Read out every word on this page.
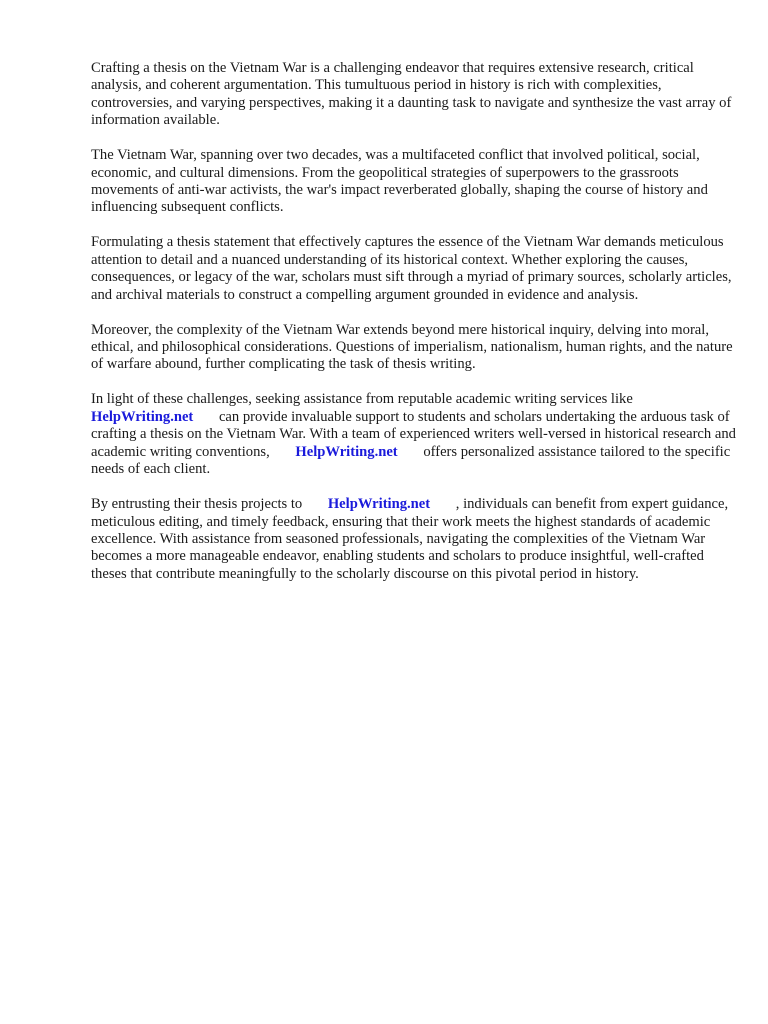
Crafting a thesis on the Vietnam War is a challenging endeavor that requires extensive research, critical analysis, and coherent argumentation. This tumultuous period in history is rich with complexities, controversies, and varying perspectives, making it a daunting task to navigate and synthesize the vast array of information available.

The Vietnam War, spanning over two decades, was a multifaceted conflict that involved political, social, economic, and cultural dimensions. From the geopolitical strategies of superpowers to the grassroots movements of anti-war activists, the war's impact reverberated globally, shaping the course of history and influencing subsequent conflicts.

Formulating a thesis statement that effectively captures the essence of the Vietnam War demands meticulous attention to detail and a nuanced understanding of its historical context. Whether exploring the causes, consequences, or legacy of the war, scholars must sift through a myriad of primary sources, scholarly articles, and archival materials to construct a compelling argument grounded in evidence and analysis.

Moreover, the complexity of the Vietnam War extends beyond mere historical inquiry, delving into moral, ethical, and philosophical considerations. Questions of imperialism, nationalism, human rights, and the nature of warfare abound, further complicating the task of thesis writing.

In light of these challenges, seeking assistance from reputable academic writing services like HelpWriting.net can provide invaluable support to students and scholars undertaking the arduous task of crafting a thesis on the Vietnam War. With a team of experienced writers well-versed in historical research and academic writing conventions, HelpWriting.net offers personalized assistance tailored to the specific needs of each client.

By entrusting their thesis projects to HelpWriting.net , individuals can benefit from expert guidance, meticulous editing, and timely feedback, ensuring that their work meets the highest standards of academic excellence. With assistance from seasoned professionals, navigating the complexities of the Vietnam War becomes a more manageable endeavor, enabling students and scholars to produce insightful, well-crafted theses that contribute meaningfully to the scholarly discourse on this pivotal period in history.
